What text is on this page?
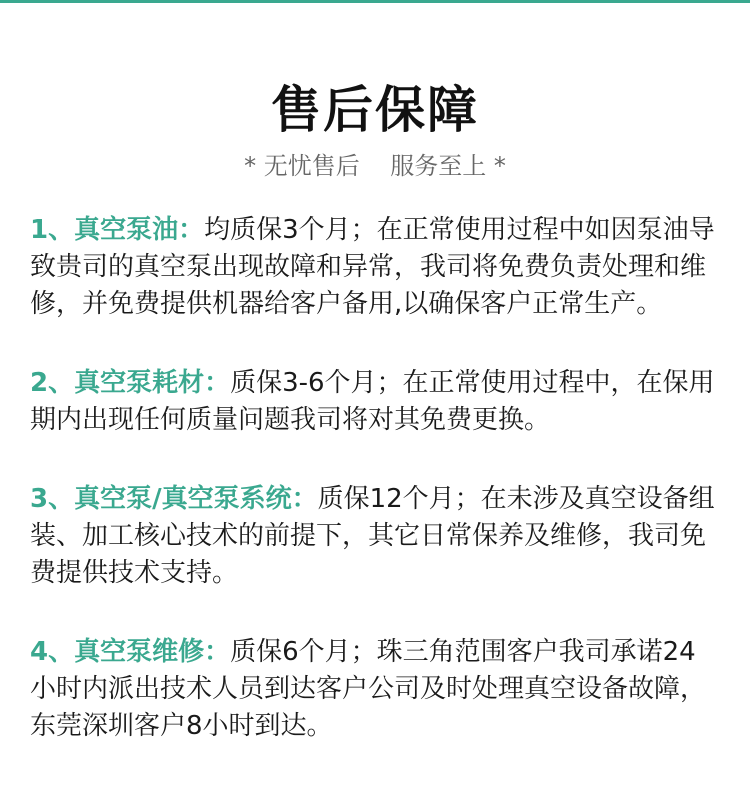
售后保障
* 无忧售后    服务至上 *

1、真空泵油：均质保3个月；在正常使用过程中如因泵油导致贵司的真空泵出现故障和异常，我司将免费负责处理和维修，并免费提供机器给客户备用,以确保客户正常生产。

2、真空泵耗材：质保3-6个月；在正常使用过程中，在保用期内出现任何质量问题我司将对其免费更换。

3、真空泵/真空泵系统：质保12个月；在未涉及真空设备组装、加工核心技术的前提下，其它日常保养及维修，我司免费提供技术支持。

4、真空泵维修：质保6个月；珠三角范围客户我司承诺24小时内派出技术人员到达客户公司及时处理真空设备故障，东莞深圳客户8小时到达。
